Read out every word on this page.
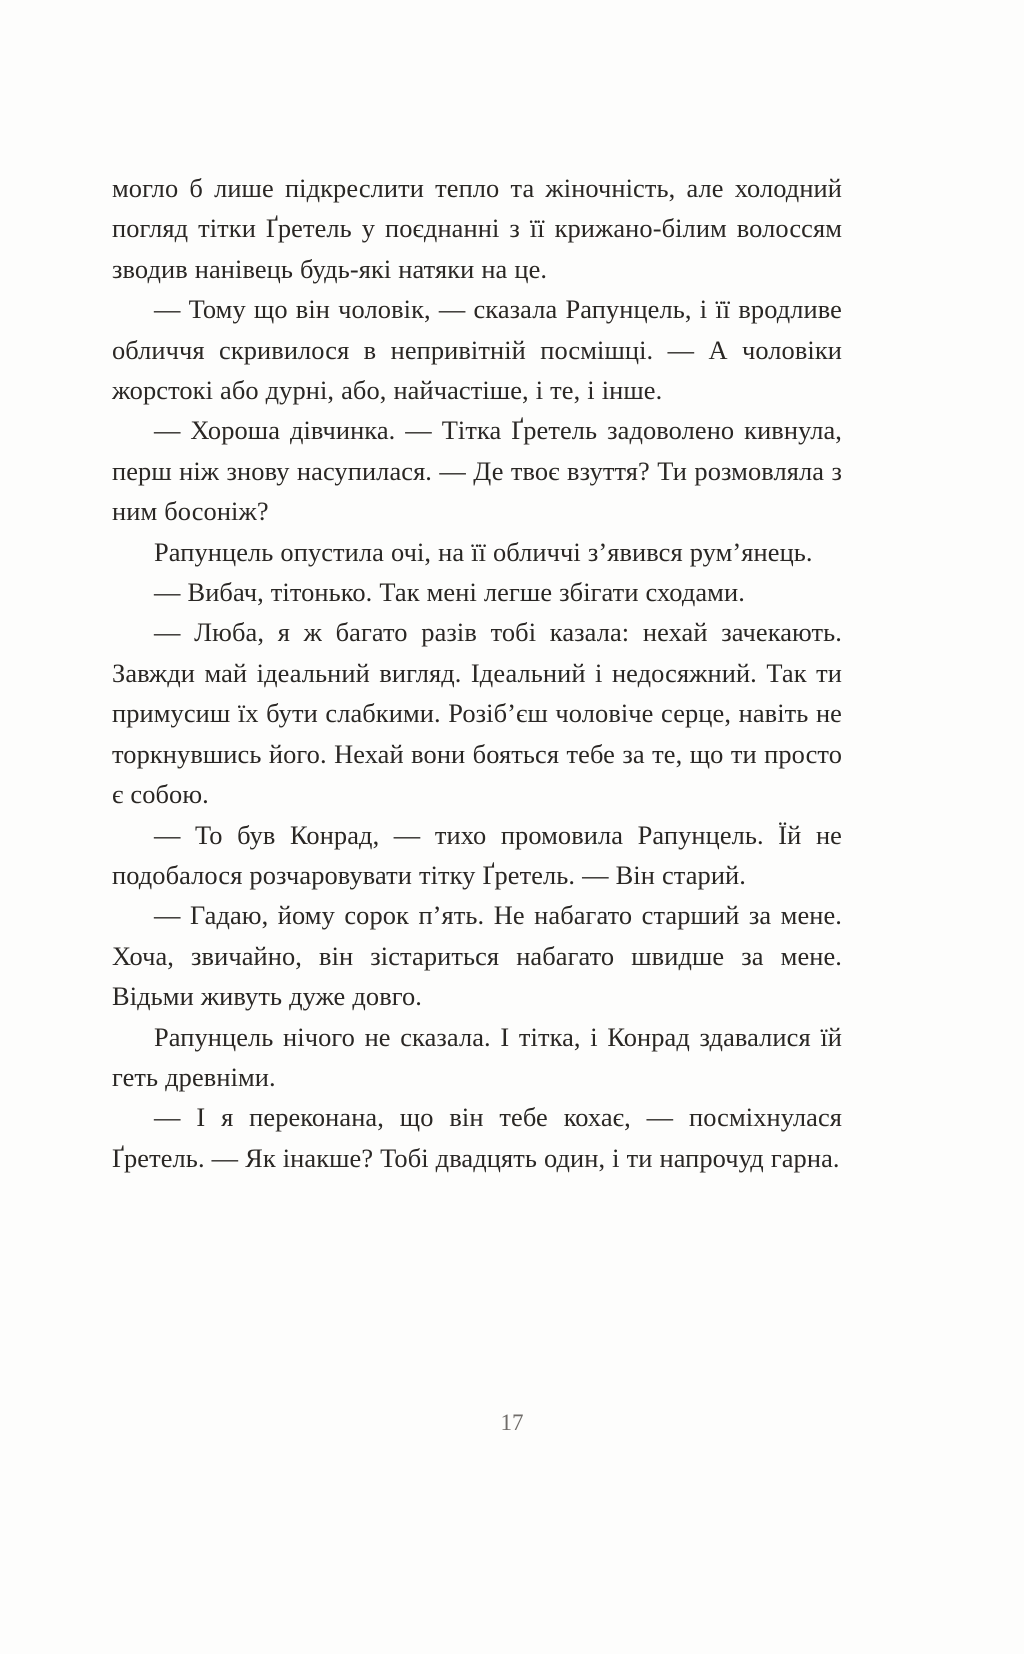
могло б лише підкреслити тепло та жіночність, але холодний погляд тітки Ґретель у поєднанні з її крижано-білим волоссям зводив нанівець будь-які натяки на це.

— Тому що він чоловік, — сказала Рапунцель, і її вродливе обличчя скривилося в непривітній посмішці. — А чоловіки жорстокі або дурні, або, найчастіше, і те, і інше.

— Хороша дівчинка. — Тітка Ґретель задоволено кивнула, перш ніж знову насупилася. — Де твоє взуття? Ти розмовляла з ним босоніж?

Рапунцель опустила очі, на її обличчі з’явився рум’янець.

— Вибач, тітонько. Так мені легше збігати сходами.

— Люба, я ж багато разів тобі казала: нехай зачекають. Завжди май ідеальний вигляд. Ідеальний і недосяжний. Так ти примусиш їх бути слабкими. Розіб’єш чоловіче серце, навіть не торкнувшись його. Нехай вони бояться тебе за те, що ти просто є собою.

— То був Конрад, — тихо промовила Рапунцель. Їй не подобалося розчаровувати тітку Ґретель. — Він старий.

— Гадаю, йому сорок п’ять. Не набагато старший за мене. Хоча, звичайно, він зістариться набагато швидше за мене. Відьми живуть дуже довго.

Рапунцель нічого не сказала. І тітка, і Конрад здавалися їй геть древніми.

— І я переконана, що він тебе кохає, — посміхнулася Ґретель. — Як інакше? Тобі двадцять один, і ти напрочуд гарна.

17
